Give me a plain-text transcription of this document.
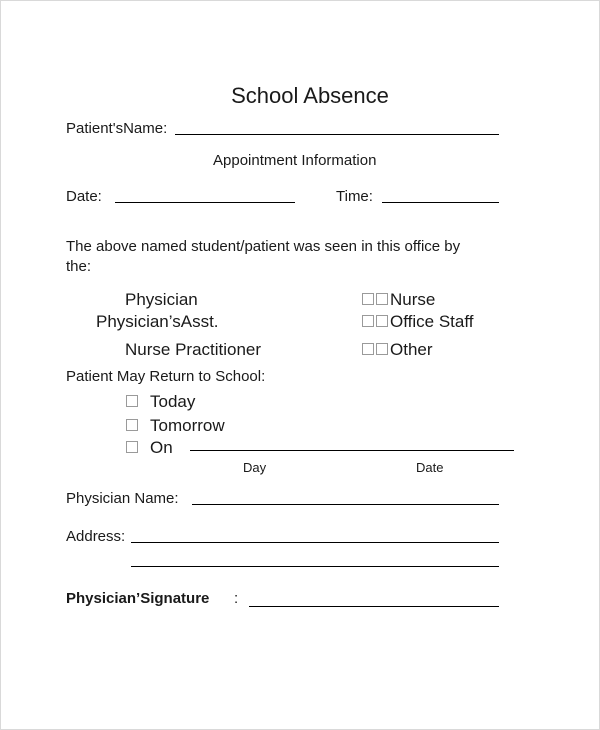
School Absence
Patient'sName:
Appointment Information
Date:	Time:
The above named student/patient was seen in this office by
the:
Physician
Physician’sAsst.
Nurse Practitioner
Nurse
Office Staff
Other
Patient May Return to School:
Today
Tomorrow
On
Day	Date
Physician Name:
Address:
Physician’Signature :
